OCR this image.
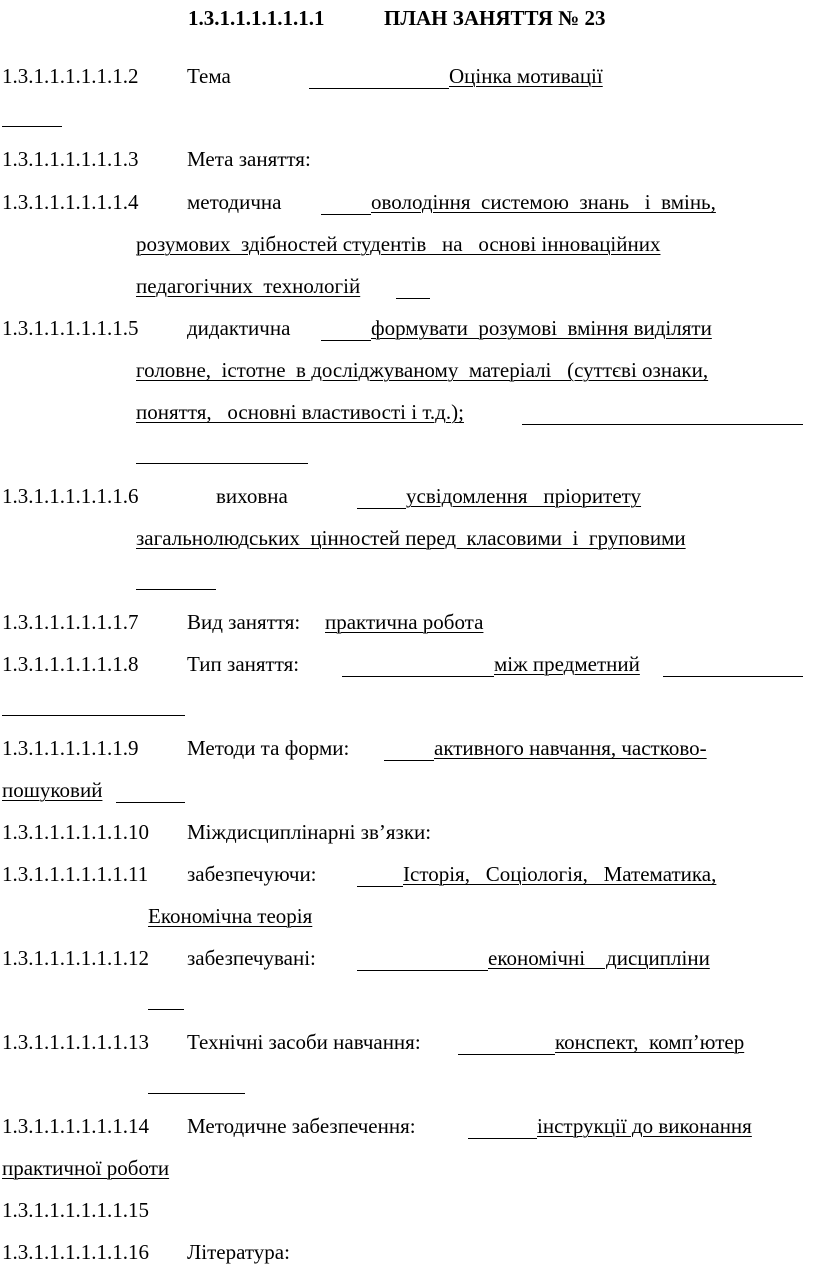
1.3.1.1.1.1.1.1.1	ПЛАН ЗАНЯТТЯ № 23
1.3.1.1.1.1.1.1.2 Тема	Оцінка мотивації
1.3.1.1.1.1.1.1.3 Мета заняття:
1.3.1.1.1.1.1.1.4 методична	оволодіння  системою  знань   і  вмінь,
розумових  здібностей студентів   на   основі інноваційних
педагогічних  технологій
1.3.1.1.1.1.1.1.5 дидактична	формувати  розумові  вміння виділяти
головне,  істотне  в досліджуваному  матеріалі   (суттєві ознаки,
поняття,   основні властивості і т.д.);
1.3.1.1.1.1.1.1.6	виховна	усвідомлення   пріоритету
загальнолюдських  цінностей перед  класовими  і  груповими
1.3.1.1.1.1.1.1.7 Вид заняття: практична робота
1.3.1.1.1.1.1.1.8 Тип заняття:	між предметний
1.3.1.1.1.1.1.1.9 Методи та форми:	активного навчання, частково-
пошуковий
1.3.1.1.1.1.1.1.10 Міждисциплінарні зв’язки:
1.3.1.1.1.1.1.1.11 забезпечуючи:	Історія,   Соціологія,   Математика,
Економічна теорія
1.3.1.1.1.1.1.1.12 забезпечувані:	економічні    дисципліни
1.3.1.1.1.1.1.1.13 Технічні засоби навчання:	конспект,  комп’ютер
1.3.1.1.1.1.1.1.14 Методичне забезпечення:	інструкції до виконання
практичної роботи
1.3.1.1.1.1.1.1.15
1.3.1.1.1.1.1.1.16 Література:
